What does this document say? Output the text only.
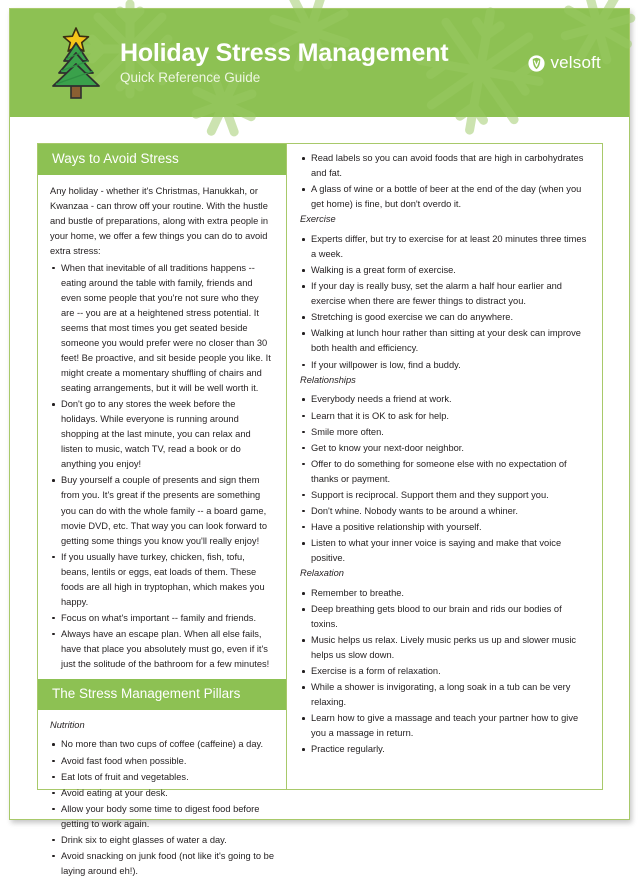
Holiday Stress Management
Quick Reference Guide
velsoft
Ways to Avoid Stress

Any holiday - whether it's Christmas, Hanukkah, or Kwanzaa - can throw off your routine. With the hustle and bustle of preparations, along with extra people in your home, we offer a few things you can do to avoid extra stress:

When that inevitable of all traditions happens -- eating around the table with family, friends and even some people that you're not sure who they are -- you are at a heightened stress potential. It seems that most times you get seated beside someone you would prefer were no closer than 30 feet! Be proactive, and sit beside people you like. It might create a momentary shuffling of chairs and seating arrangements, but it will be well worth it.
Don't go to any stores the week before the holidays. While everyone is running around shopping at the last minute, you can relax and listen to music, watch TV, read a book or do anything you enjoy!
Buy yourself a couple of presents and sign them from you. It's great if the presents are something you can do with the whole family -- a board game, movie DVD, etc. That way you can look forward to getting some things you know you'll really enjoy!
If you usually have turkey, chicken, fish, tofu, beans, lentils or eggs, eat loads of them. These foods are all high in tryptophan, which makes you happy.
Focus on what's important -- family and friends.
Always have an escape plan. When all else fails, have that place you absolutely must go, even if it's just the solitude of the bathroom for a few minutes!
The Stress Management Pillars

Nutrition

No more than two cups of coffee (caffeine) a day.
Avoid fast food when possible.
Eat lots of fruit and vegetables.
Avoid eating at your desk.
Allow your body some time to digest food before getting to work again.
Drink six to eight glasses of water a day.
Avoid snacking on junk food (not like it's going to be laying around eh!).
Read labels so you can avoid foods that are high in carbohydrates and fat.
A glass of wine or a bottle of beer at the end of the day (when you get home) is fine, but don't overdo it.

Exercise

Experts differ, but try to exercise for at least 20 minutes three times a week.
Walking is a great form of exercise.
If your day is really busy, set the alarm a half hour earlier and exercise when there are fewer things to distract you.
Stretching is good exercise we can do anywhere.
Walking at lunch hour rather than sitting at your desk can improve both health and efficiency.
If your willpower is low, find a buddy.

Relationships

Everybody needs a friend at work.
Learn that it is OK to ask for help.
Smile more often.
Get to know your next-door neighbor.
Offer to do something for someone else with no expectation of thanks or payment.
Support is reciprocal. Support them and they support you.
Don't whine. Nobody wants to be around a whiner.
Have a positive relationship with yourself.
Listen to what your inner voice is saying and make that voice positive.

Relaxation

Remember to breathe.
Deep breathing gets blood to our brain and rids our bodies of toxins.
Music helps us relax. Lively music perks us up and slower music helps us slow down.
Exercise is a form of relaxation.
While a shower is invigorating, a long soak in a tub can be very relaxing.
Learn how to give a massage and teach your partner how to give you a massage in return.
Practice regularly.
